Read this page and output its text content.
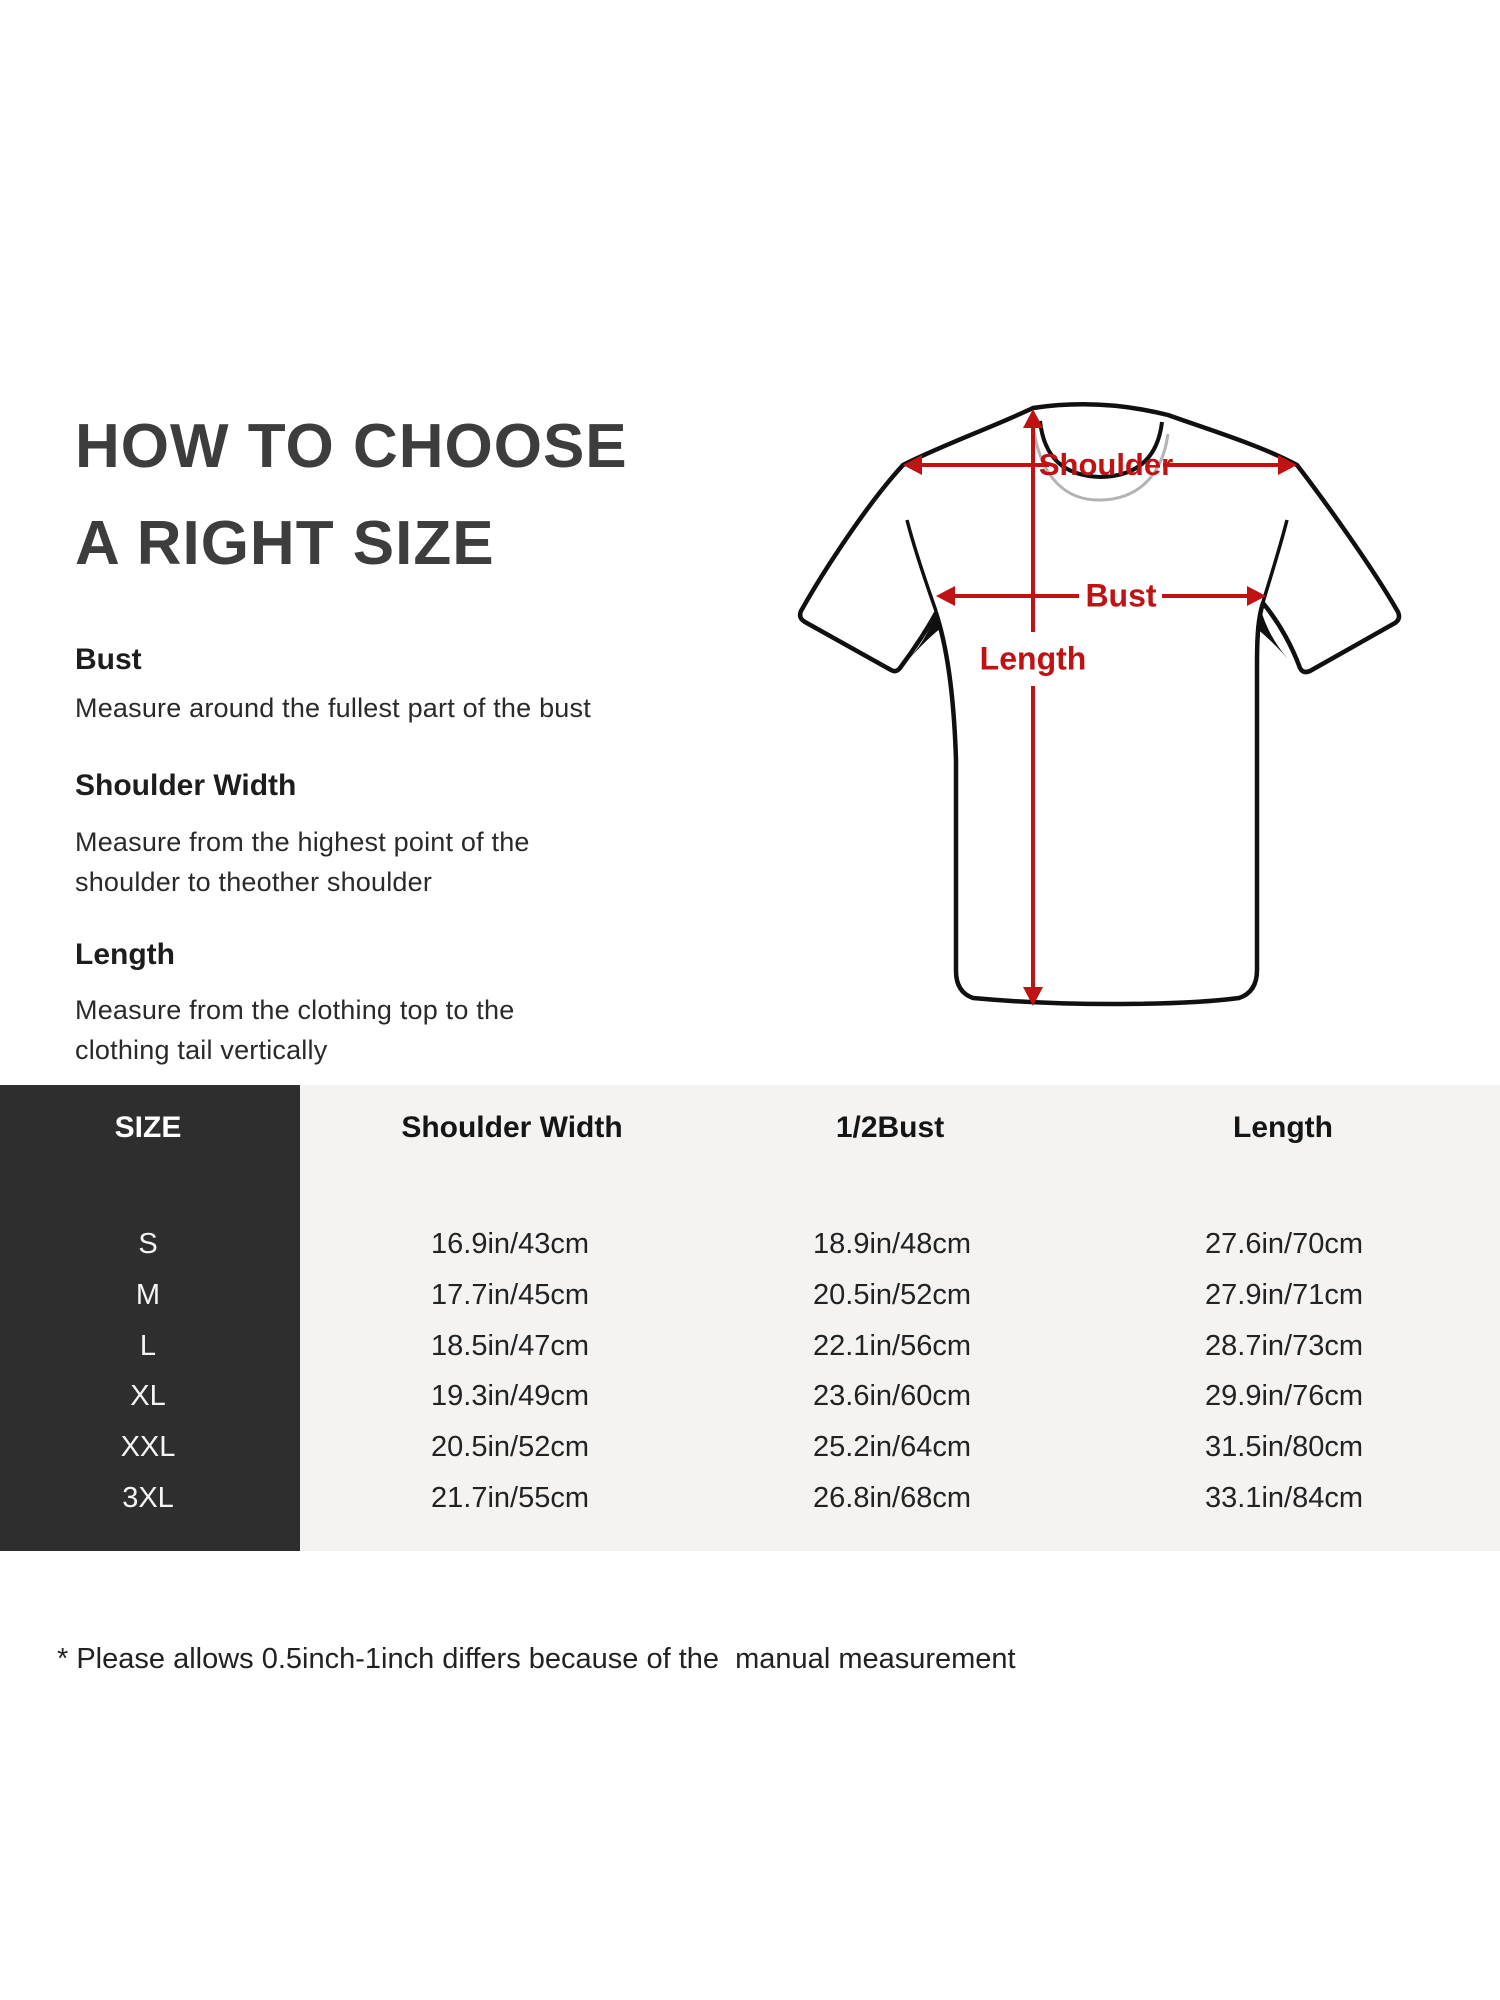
HOW TO CHOOSE
A RIGHT SIZE
Bust
Measure around the fullest part of the bust
Shoulder Width
Measure from the highest point of the
shoulder to theother shoulder
Length
Measure from the clothing top to the
clothing tail vertically
Shoulder
Bust
Length
SIZE	Shoulder Width	1/2Bust	Length
S	16.9in/43cm	18.9in/48cm	27.6in/70cm
M	17.7in/45cm	20.5in/52cm	27.9in/71cm
L	18.5in/47cm	22.1in/56cm	28.7in/73cm
XL	19.3in/49cm	23.6in/60cm	29.9in/76cm
XXL	20.5in/52cm	25.2in/64cm	31.5in/80cm
3XL	21.7in/55cm	26.8in/68cm	33.1in/84cm
* Please allows 0.5inch-1inch differs because of the  manual measurement
